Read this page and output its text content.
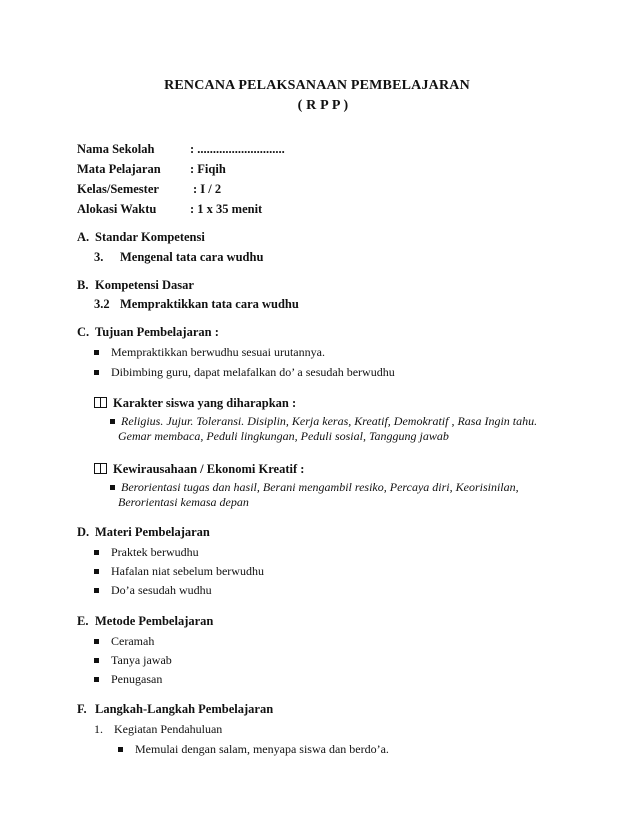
RENCANA PELAKSANAAN PEMBELAJARAN
( R P P )
Nama Sekolah	: ............................
Mata Pelajaran : Fiqih
Kelas/Semester	: I / 2
Alokasi Waktu	: 1 x 35 menit
A. Standar Kompetensi
3. Mengenal tata cara wudhu
B. Kompetensi Dasar
3.2 Mempraktikkan tata cara wudhu
C. Tujuan Pembelajaran :
Mempraktikkan berwudhu sesuai urutannya.
Dibimbing guru, dapat melafalkan do’ a sesudah berwudhu
Karakter siswa yang diharapkan :
Religius. Jujur. Toleransi. Disiplin, Kerja keras, Kreatif, Demokratif , Rasa Ingin tahu.
Gemar membaca, Peduli lingkungan, Peduli sosial, Tanggung jawab
Kewirausahaan / Ekonomi Kreatif :
Berorientasi tugas dan hasil, Berani mengambil resiko, Percaya diri, Keorisinilan,
Berorientasi kemasa depan
D. Materi Pembelajaran
Praktek berwudhu
Hafalan niat sebelum berwudhu
Do’a sesudah wudhu
E. Metode Pembelajaran
Ceramah
Tanya jawab
Penugasan
F. Langkah-Langkah Pembelajaran
1. Kegiatan Pendahuluan
Memulai dengan salam, menyapa siswa dan berdo’a.
